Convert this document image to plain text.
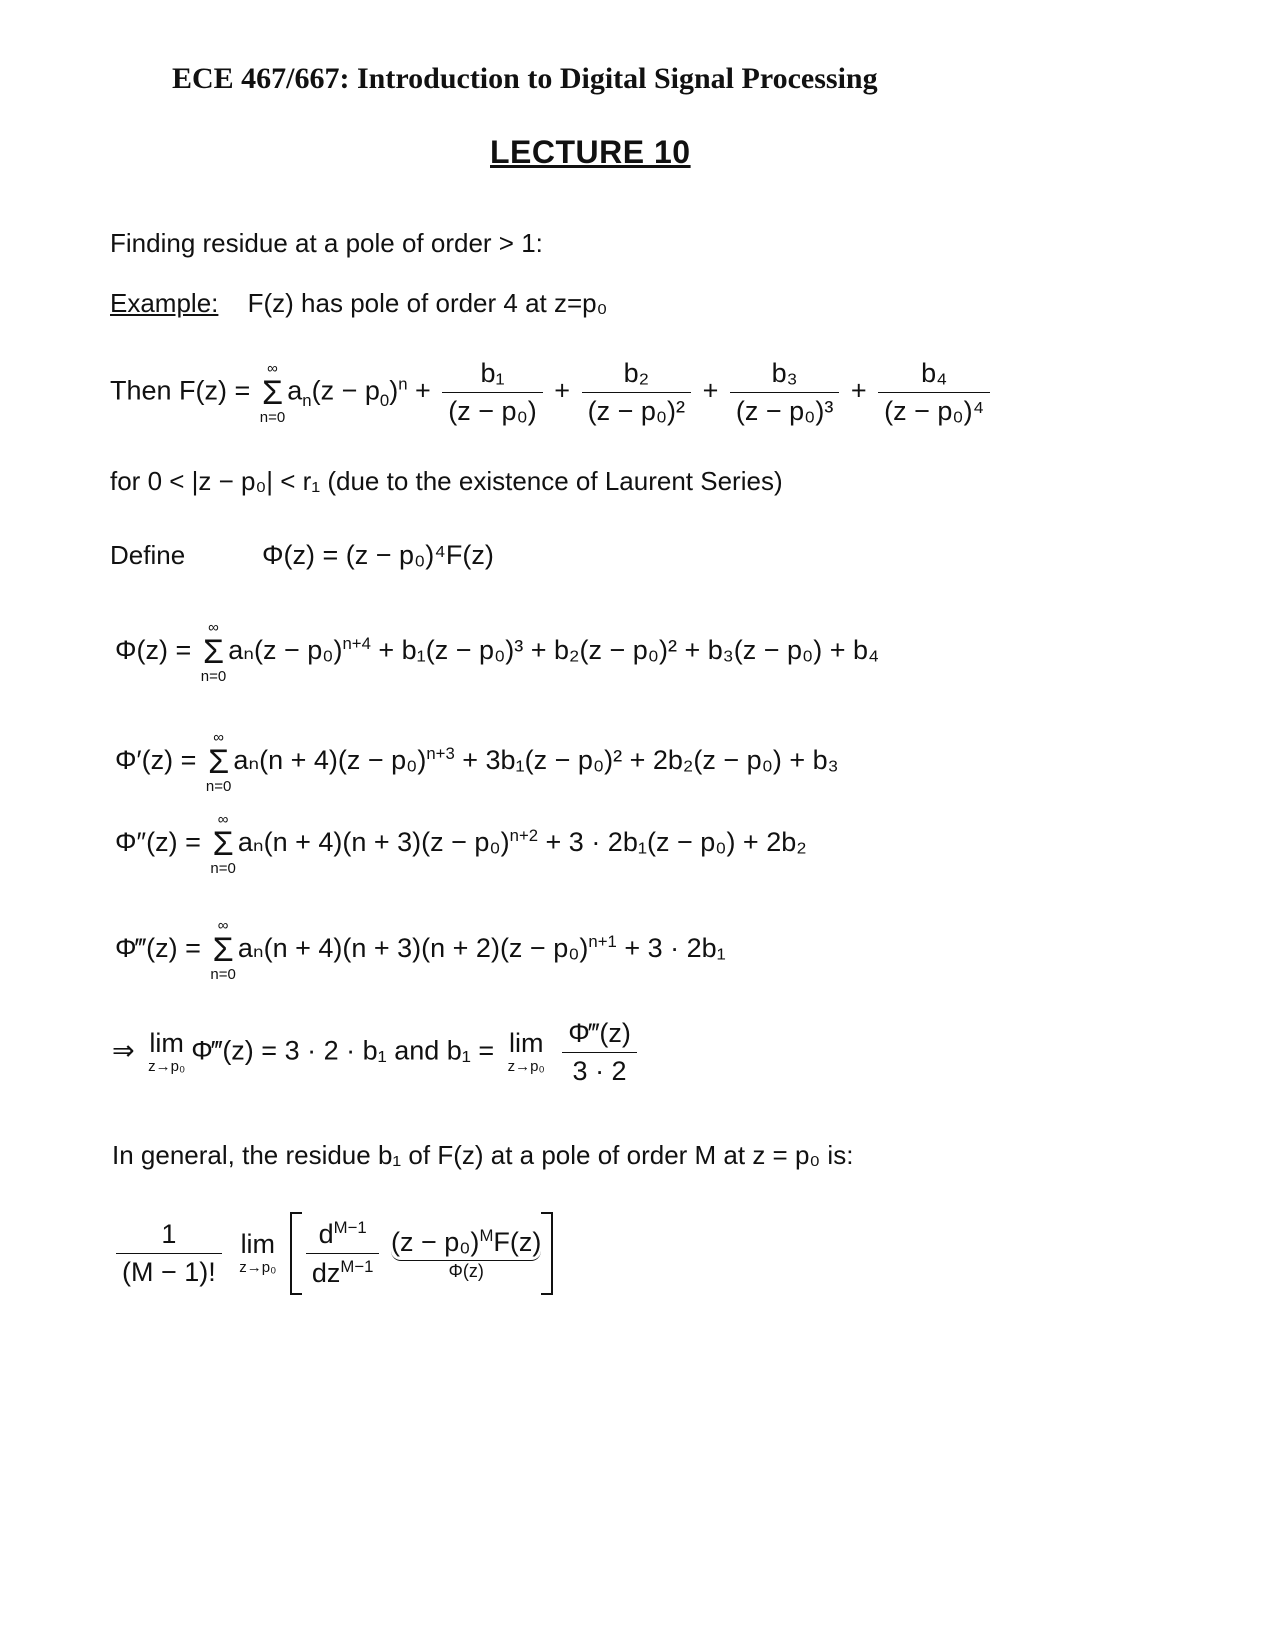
ECE 467/667: Introduction to Digital Signal Processing
LECTURE 10
Finding residue at a pole of order > 1:
Example: F(z) has pole of order 4 at z=p₀
Then F(z) =
∞
Σ
n=0
$a_n(z - p_0)^n + \frac{\text{b₁}}{\text{(z − p₀)}} + \frac{\text{b₂}}{\text{(z − p₀)²}} + \frac{\text{b₃}}{\text{(z − p₀)³}} + \frac{\text{b₄}}{\text{(z − p₀)⁴}}$
for 0 < |z − p₀| < r₁ (due to the existence of Laurent Series)
Define	Φ(z) = (z − p₀)⁴F(z)
Φ(z) =
∞
Σ
n=0
$a_n(z - p_0)^{n+4} + b_1(z - p_0)^3 + b_2(z - p_0)^2 + b_3(z - p_0) + b_4$
Φ′(z) =
∞
Σ
n=0
$a_n(n + 4)(z - p_0)^{n+3} + 3b_1(z - p_0)^2 + 2b_2(z - p_0) + b_3$
Φ″(z) =
∞
Σ
n=0
$a_n(n + 4)(n + 3)(z - p_0)^{n+2} + 3 \cdot 2b_1(z - p_0) + 2b_2$
Φ‴(z) =
∞
Σ
n=0
$a_n(n + 4)(n + 3)(n + 2)(z - p_0)^{n+1} + 3 \cdot 2b_1$
⇒ lim
z→p₀
Φ‴(z) = 3 · 2 · b₁ and b₁ = lim
z→p₀
$\frac{\Phi‴(z)}{3 \cdot 2}$
In general, the residue b₁ of F(z) at a pole of order M at z = p₀ is:
$\frac{1}{(M - 1)!}$
lim
z→p₀
$\frac{d^{M-1}}{dz^{M-1}}$
$(z - p_0)^MF(z)$
Φ(z)
